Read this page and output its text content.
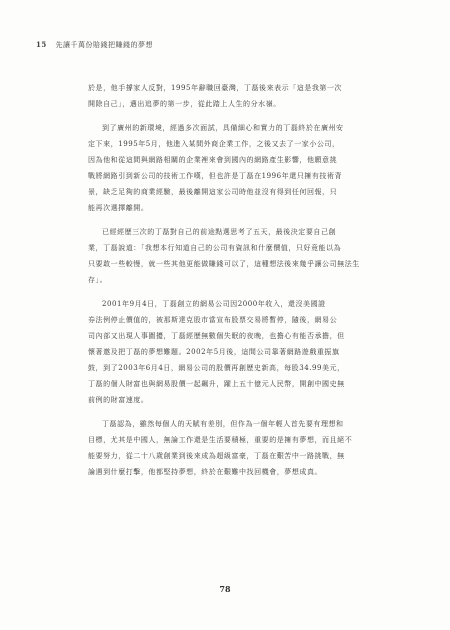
15 先讓千萬份賠錢把賺錢的夢想
於是，他手撐家人反對，1995年辭職回臺灣，丁磊後來表示「這是我第一次
開除自己」，邁出追夢的第一步，從此踏上人生的分水嶺。
到了廣州的新環境，經過多次面試，具備細心和實力的丁磊終於在廣州安
定下來，1995年5月，他進入某間外商企業工作，之後又去了一家小公司，
因為他和從這間與網路相關的企業裡來會到國內的網路產生影響，他願意挑
戰將網路引到新公司的技術工作嘆，但也許是丁磊在1996年還只擁有技術背
景，缺乏足夠的商業經驗，最後離開這家公司時他並沒有得到任何回報，只
能再次選擇離開。
已經經歷三次的丁磊對自己的前途點選思考了五天，最後決定要自己創
業，丁磊說道：「我想本行知道自己的公司有資訊和什麼價值，只好竟能以為
只要敢一些較慢，就一些其他更能做賺錢可以了，這種想法後來幾乎讓公司無法生
存」。
2001年9月4日，丁磊創立的網易公司因2000年收入，還沒美國證
券法例停止價值的，被那斯達克股市當宣布股票交易將暫停，隨後，網易公
司內部又出現人事圍擾，丁磊經歷無數個失眠的夜晚，也擔心有能否承擔，但
懷著邀及把丁磊的夢想難題。2002年5月後，這間公司靠著網路遊戲重振旗
鼓，到了2003年6月4日，網易公司的股價再創歷史新高，每股34.99美元，
丁磊的個人財富也與網易股價一起飆升，躍上五十億元人民幣，開創中國史無
前例的財富速度。
丁磊認為，雖然每個人的天賦有差別，但作為一個年輕人首先要有理想和
目標，尤其是中國人，無論工作還是生活要積極，重要的是擁有夢想，而且絕不
能要努力，從二十八歲創業到後來成為超級富豪，丁磊在艱苦中一路挑戰，無
論遇到什麼打擊，他都堅持夢想，終於在艱難中找回機會，夢想成真。
78
